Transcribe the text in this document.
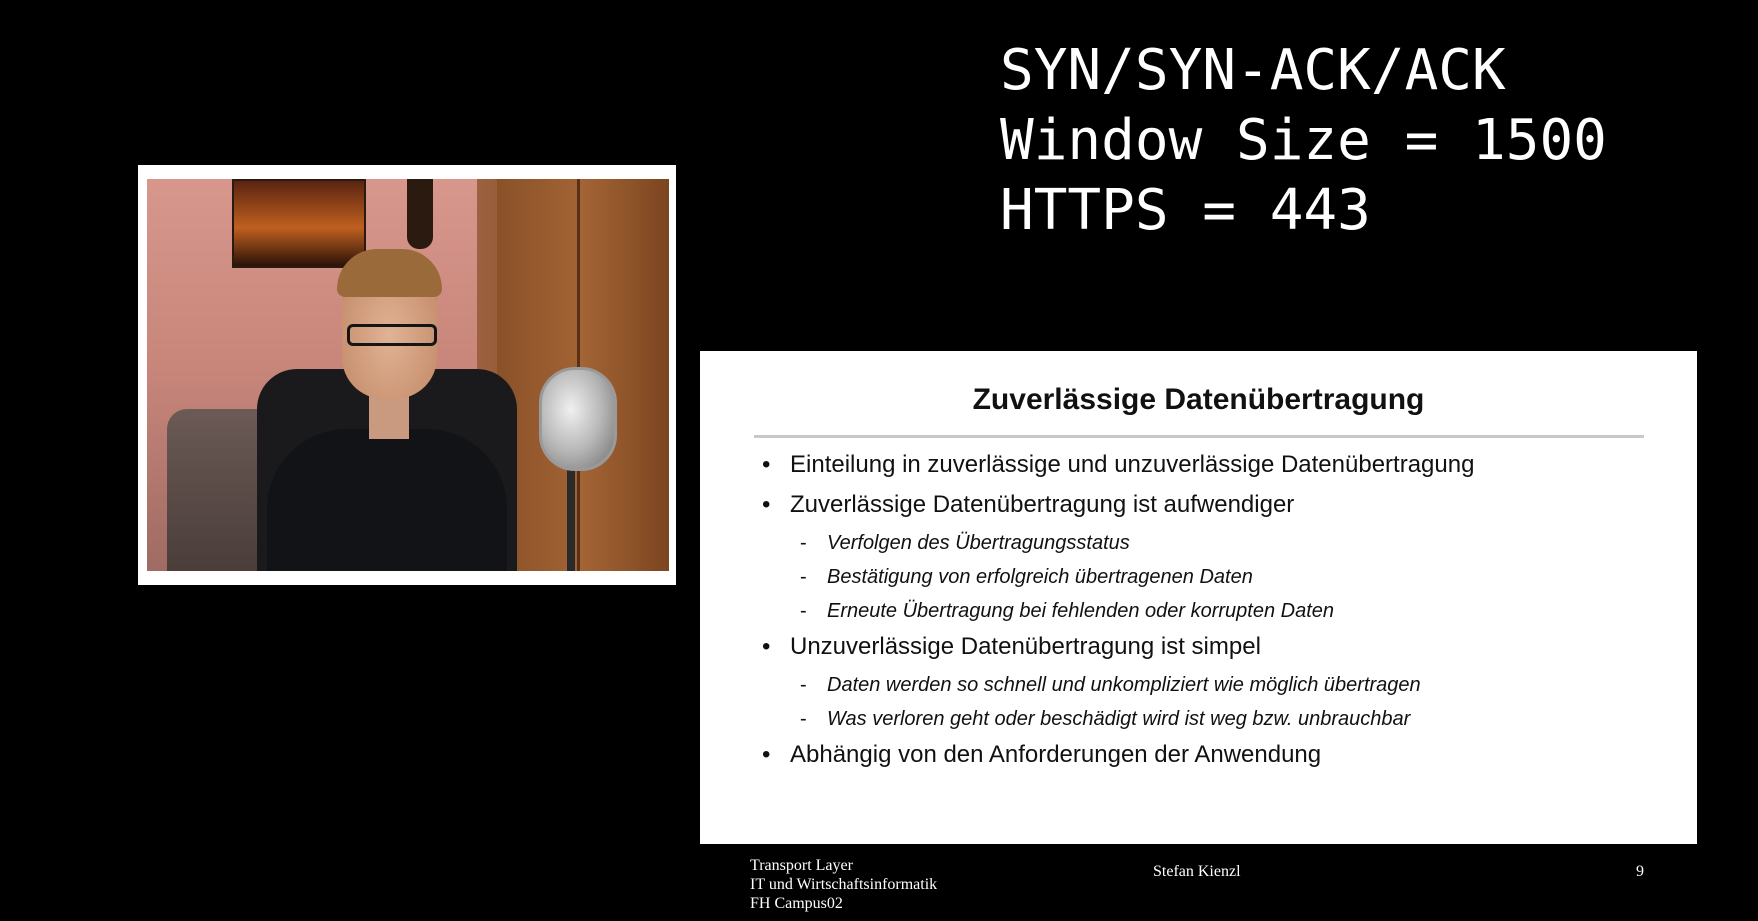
SYN/SYN-ACK/ACK
Window Size = 1500
HTTPS = 443
Zuverlässige Datenübertragung
• Einteilung in zuverlässige und unzuverlässige Datenübertragung
• Zuverlässige Datenübertragung ist aufwendiger
- Verfolgen des Übertragungsstatus
- Bestätigung von erfolgreich übertragenen Daten
- Erneute Übertragung bei fehlenden oder korrupten Daten
• Unzuverlässige Datenübertragung ist simpel
- Daten werden so schnell und unkompliziert wie möglich übertragen
- Was verloren geht oder beschädigt wird ist weg bzw. unbrauchbar
• Abhängig von den Anforderungen der Anwendung
Transport Layer
IT und Wirtschaftsinformatik
FH Campus02
Stefan Kienzl	9
